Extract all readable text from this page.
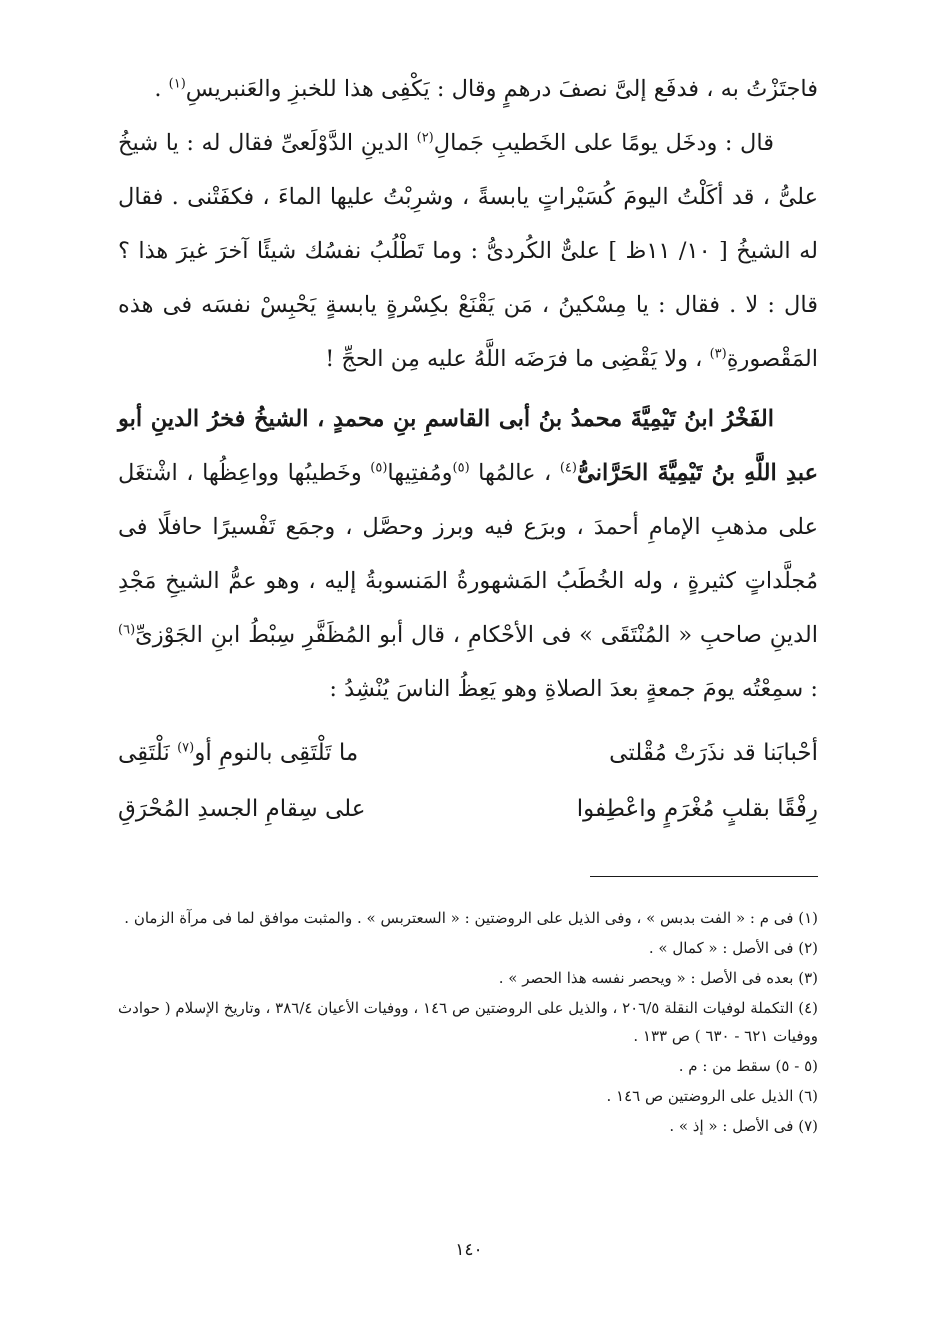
فاجتَزْتُ به ، فدفَع إلىَّ نصفَ درهمٍ وقال : يَكْفِى هذا للخبزِ والعَنبريسِ$^{(١)}$ .

قال : ودخَل يومًا على الخَطيبِ جَمالِ$^{(٢)}$ الدينِ الدَّوْلَعىِّ فقال له : يا شيخُ علىُّ ، قد أكَلْتُ اليومَ كُسَيْراتٍ يابسةً ، وشرِبْتُ عليها الماءَ ، فكفَتْنى . فقال له الشيخُ [ ١٠/ ١١ظ ] علىٌّ الكُردىُّ : وما تَطْلُبُ نفسُك شيئًا آخرَ غيرَ هذا ؟ قال : لا . فقال : يا مِسْكينُ ، مَن يَقْنَعْ بكِسْرةٍ يابسةٍ يَحْبِسْ نفسَه فى هذه المَقْصورةِ$^{(٣)}$ ، ولا يَقْضِى ما فرَضَه اللَّهُ عليه مِن الحجِّ !

الفَخْرُ ابنُ تَيْمِيَّةَ محمدُ بنُ أبى القاسمِ بنِ محمدٍ ، الشيخُ فخرُ الدينِ أبو عبدِ اللَّهِ بنُ تَيْمِيَّةَ الحَرَّانىُّ$^{(٤)}$ ، عالمُها $^{(٥)}$ومُفتِيها$^{(٥)}$ وخَطيبُها وواعِظُها ، اشْتغَل على مذهبِ الإمامِ أحمدَ ، وبرَع فيه وبرز وحصَّل ، وجمَع تَفْسيرًا حافلًا فى مُجلَّداتٍ كثيرةٍ ، وله الخُطَبُ المَشهورةُ المَنسوبةُ إليه ، وهو عمُّ الشيخِ مَجْدِ الدينِ صاحبِ « المُنْتَقَى » فى الأحْكامِ ، قال أبو المُظَفَّرِ سِبْطُ ابنِ الجَوْزىِّ$^{(٦)}$ : سمِعْتُه يومَ جمعةٍ بعدَ الصلاةِ وهو يَعِظُ الناسَ يُنْشِدُ :

أحْبابَنا قد نذَرَتْ مُقْلتى
ما تَلْتَقِى بالنومِ أو$^{(٧)}$ نَلْتَقِى
رِفْقًا بقلبٍ مُغْرَمٍ واعْطِفوا
على سِقامِ الجسدِ المُحْرَقِ

(١) فى م : « الفت بدبس » ، وفى الذيل على الروضتين : « السعتربس » . والمثبت موافق لما فى مرآة الزمان .

(٢) فى الأصل : « كمال » .

(٣) بعده فى الأصل : « ويحصر نفسه هذا الحصر » .

(٤) التكملة لوفيات النقلة ٢٠٦/٥ ، والذيل على الروضتين ص ١٤٦ ، ووفيات الأعيان ٣٨٦/٤ ، وتاريخ الإسلام ( حوادث ووفيات ٦٢١ - ٦٣٠ ) ص ١٣٣ .

(٥ - ٥) سقط من : م .

(٦) الذيل على الروضتين ص ١٤٦ .

(٧) فى الأصل : « إذ » .

١٤٠
